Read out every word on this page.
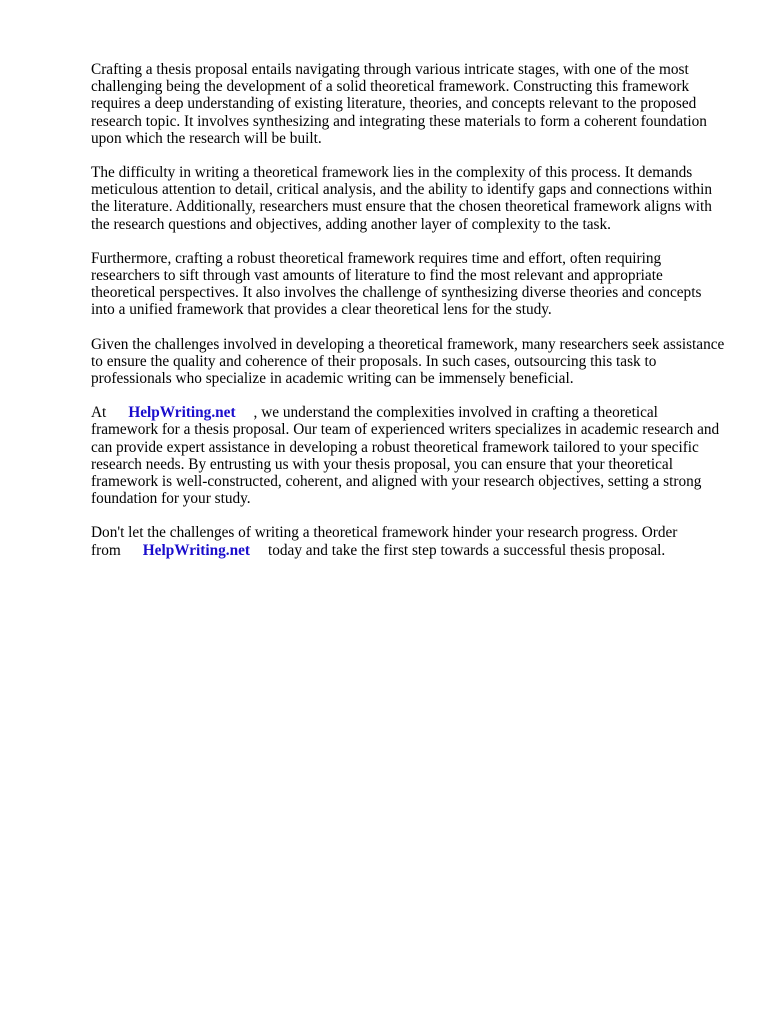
Crafting a thesis proposal entails navigating through various intricate stages, with one of the most challenging being the development of a solid theoretical framework. Constructing this framework requires a deep understanding of existing literature, theories, and concepts relevant to the proposed research topic. It involves synthesizing and integrating these materials to form a coherent foundation upon which the research will be built.

The difficulty in writing a theoretical framework lies in the complexity of this process. It demands meticulous attention to detail, critical analysis, and the ability to identify gaps and connections within the literature. Additionally, researchers must ensure that the chosen theoretical framework aligns with the research questions and objectives, adding another layer of complexity to the task.

Furthermore, crafting a robust theoretical framework requires time and effort, often requiring researchers to sift through vast amounts of literature to find the most relevant and appropriate theoretical perspectives. It also involves the challenge of synthesizing diverse theories and concepts into a unified framework that provides a clear theoretical lens for the study.

Given the challenges involved in developing a theoretical framework, many researchers seek assistance to ensure the quality and coherence of their proposals. In such cases, outsourcing this task to professionals who specialize in academic writing can be immensely beneficial.

At HelpWriting.net , we understand the complexities involved in crafting a theoretical framework for a thesis proposal. Our team of experienced writers specializes in academic research and can provide expert assistance in developing a robust theoretical framework tailored to your specific research needs. By entrusting us with your thesis proposal, you can ensure that your theoretical framework is well-constructed, coherent, and aligned with your research objectives, setting a strong foundation for your study.

Don't let the challenges of writing a theoretical framework hinder your research progress. Order from HelpWriting.net today and take the first step towards a successful thesis proposal.
